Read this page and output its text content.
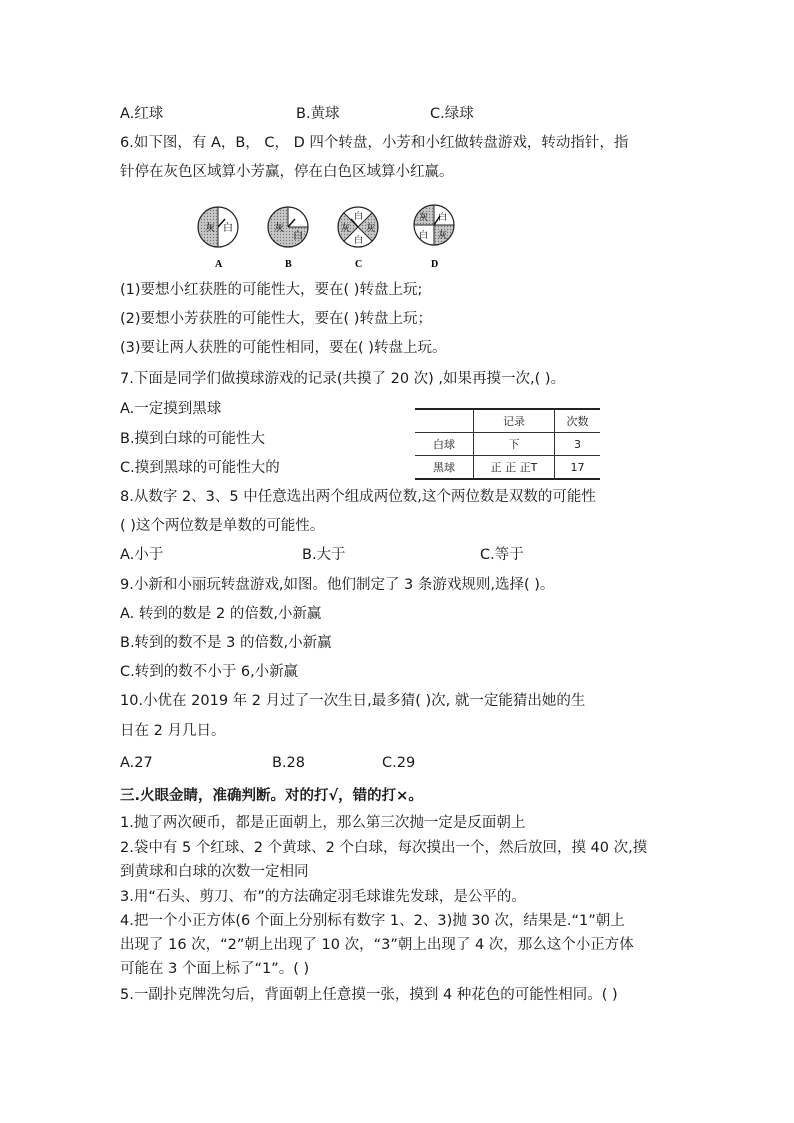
A.红球	B.黄球	C.绿球
6.如下图，有 A，B， C， D 四个转盘，小芳和小红做转盘游戏，转动指针，指
针停在灰色区域算小芳赢，停在白色区域算小红赢。
灰 白
A
灰
白
B
白
灰
灰
白
C
灰 白
白 灰
D
(1)要想小红获胜的可能性大，要在( )转盘上玩;
(2)要想小芳获胜的可能性大，要在( )转盘上玩；
(3)要让两人获胜的可能性相同，要在( )转盘上玩。
7.下面是同学们做摸球游戏的记录(共摸了 20 次) ,如果再摸一次,( )。
A.一定摸到黑球
B.摸到白球的可能性大
C.摸到黑球的可能性大的
	记录	次数
白球	下	3
黑球	正 正 正T	17
8.从数字 2、3、5 中任意选出两个组成两位数,这个两位数是双数的可能性
( )这个两位数是单数的可能性。
A.小于	B.大于	C.等于
9.小新和小丽玩转盘游戏,如图。他们制定了 3 条游戏规则,选择( )。
A. 转到的数是 2 的倍数,小新赢
B.转到的数不是 3 的倍数,小新赢
C.转到的数不小于 6,小新赢
10.小优在 2019 年 2 月过了一次生日,最多猜( )次, 就一定能猜出她的生
日在 2 月几日。
A.27	B.28	C.29
三.火眼金睛，准确判断。对的打√，错的打×。
1.抛了两次硬币，都是正面朝上，那么第三次抛一定是反面朝上
2.袋中有 5 个红球、2 个黄球、2 个白球，每次摸出一个，然后放回，摸 40 次,摸
到黄球和白球的次数一定相同
3.用“石头、剪刀、布”的方法确定羽毛球谁先发球，是公平的。
4.把一个小正方体(6 个面上分别标有数字 1、2、3)抛 30 次，结果是.“1”朝上
出现了 16 次，“2”朝上出现了 10 次，“3”朝上出现了 4 次，那么这个小正方体
可能在 3 个面上标了“1”。( )
5.一副扑克牌洗匀后，背面朝上任意摸一张，摸到 4 种花色的可能性相同。( )
